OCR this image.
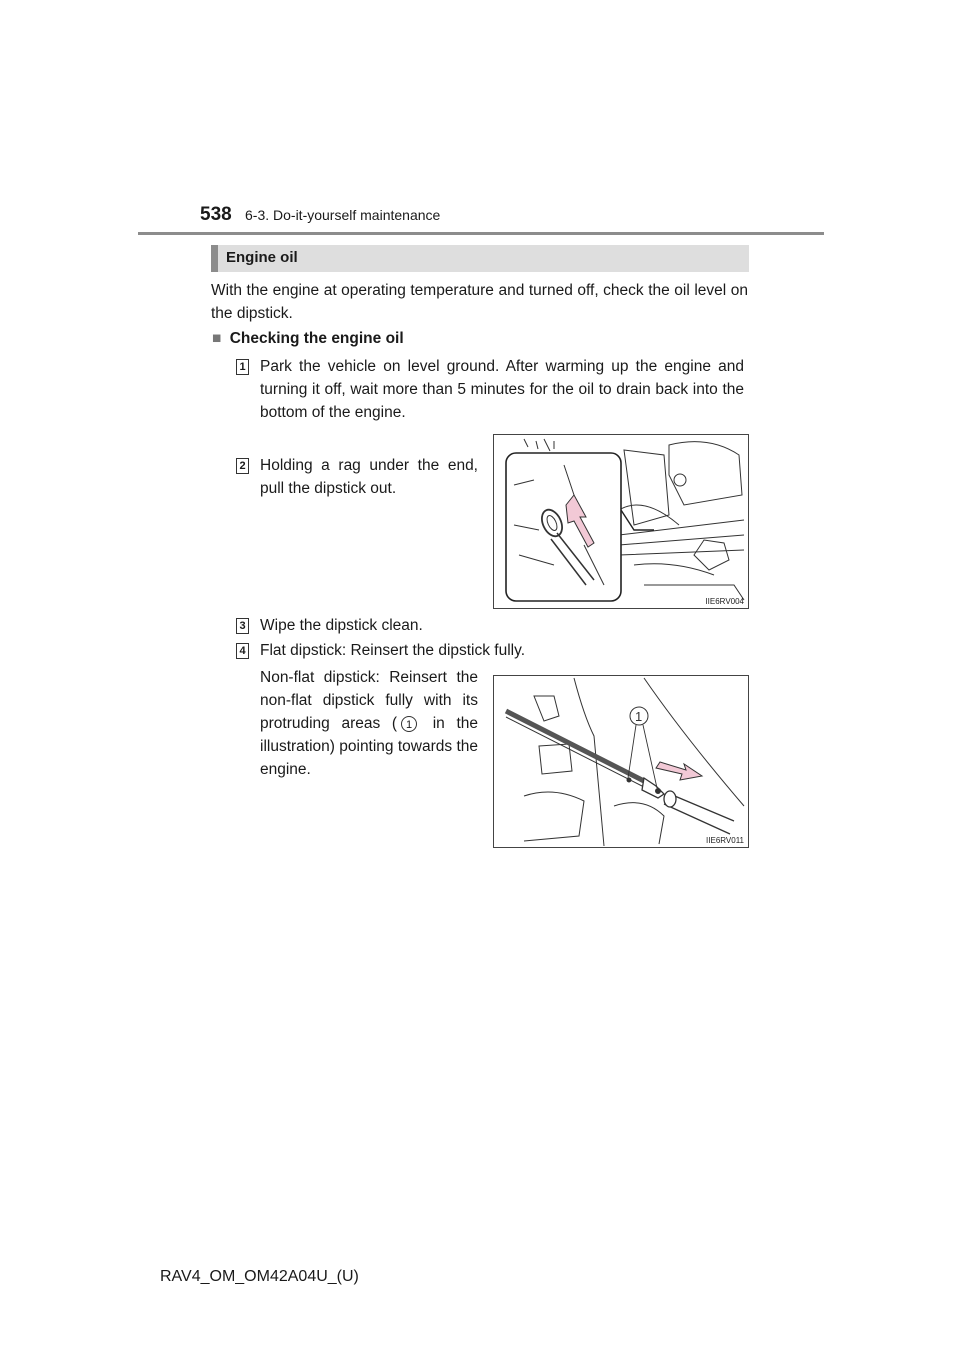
538 6-3. Do-it-yourself maintenance
Engine oil
With the engine at operating temperature and turned off, check the oil level on the dipstick.
■ Checking the engine oil
1 Park the vehicle on level ground. After warming up the engine and turning it off, wait more than 5 minutes for the oil to drain back into the bottom of the engine.
2 Holding a rag under the end, pull the dipstick out.
IIE6RV004
3 Wipe the dipstick clean.
4 Flat dipstick: Reinsert the dipstick fully.
Non-flat dipstick: Reinsert the non-flat dipstick fully with its protruding areas ( 1 in the illustration) pointing towards the engine.
1
IIE6RV011
RAV4_OM_OM42A04U_(U)
